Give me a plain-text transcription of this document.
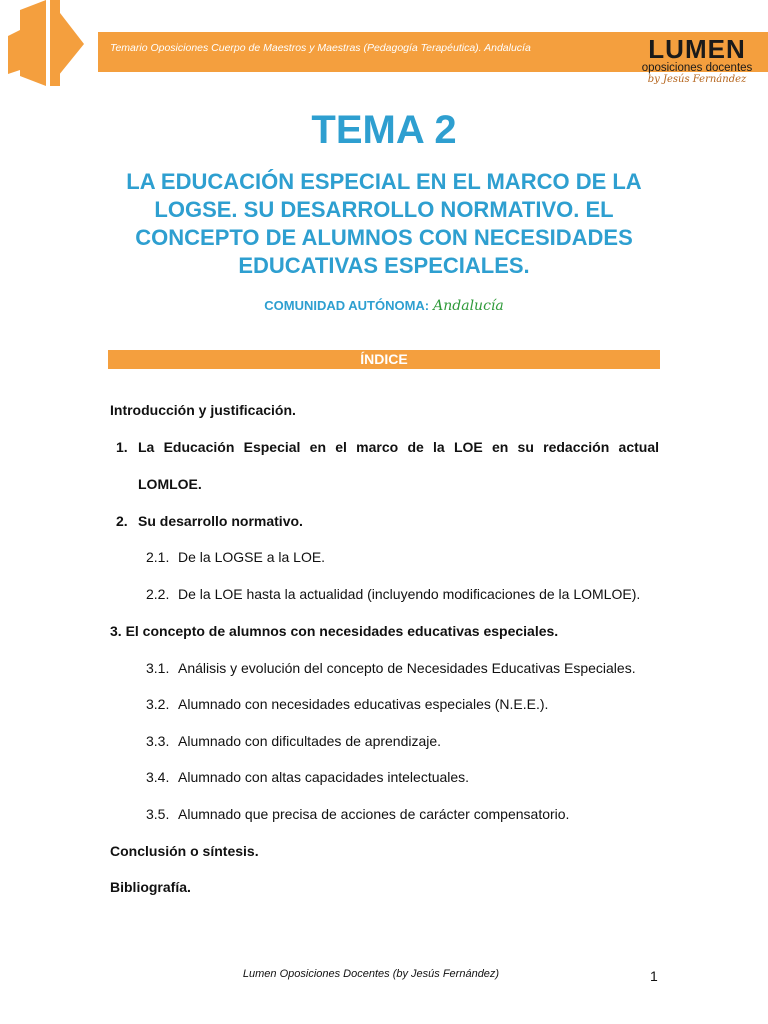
Temario Oposiciones Cuerpo de Maestros y Maestras (Pedagogía Terapéutica). Andalucía	LUMEN
oposiciones docentes
by Jesús Fernández
TEMA 2
LA EDUCACIÓN ESPECIAL EN EL MARCO DE LA LOGSE. SU DESARROLLO NORMATIVO. EL CONCEPTO DE ALUMNOS CON NECESIDADES EDUCATIVAS ESPECIALES.
COMUNIDAD AUTÓNOMA: Andalucía
ÍNDICE
Introducción y justificación.
1. La Educación Especial en el marco de la LOE en su redacción actual
LOMLOE.
2. Su desarrollo normativo.
2.1. De la LOGSE a la LOE.
2.2. De la LOE hasta la actualidad (incluyendo modificaciones de la LOMLOE).
3. El concepto de alumnos con necesidades educativas especiales.
3.1. Análisis y evolución del concepto de Necesidades Educativas Especiales.
3.2. Alumnado con necesidades educativas especiales (N.E.E.).
3.3. Alumnado con dificultades de aprendizaje.
3.4. Alumnado con altas capacidades intelectuales.
3.5. Alumnado que precisa de acciones de carácter compensatorio.
Conclusión o síntesis.
Bibliografía.
Lumen Oposiciones Docentes (by Jesús Fernández)	1
